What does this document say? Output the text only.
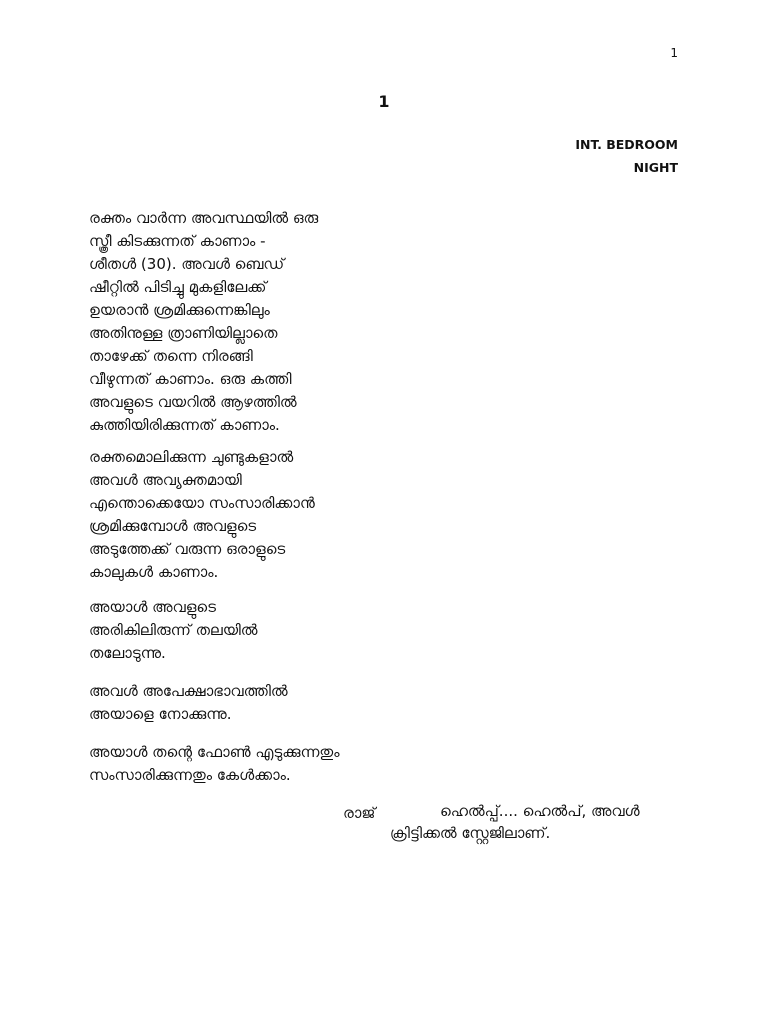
1
1
INT. BEDROOM
NIGHT
രക്തം വാർന്ന അവസ്ഥയിൽ ഒരു
സ്ത്രീ കിടക്കുന്നത് കാണാം -
ശീതൾ (30). അവൾ ബെഡ്
ഷീറ്റിൽ പിടിച്ചു മുകളിലേക്ക്
ഉയരാൻ ശ്രമിക്കുന്നെങ്കിലും
അതിനുള്ള ത്രാണിയില്ലാതെ
താഴേക്ക് തന്നെ നിരങ്ങി
വീഴുന്നത് കാണാം. ഒരു കത്തി
അവളുടെ വയറിൽ ആഴത്തിൽ
കുത്തിയിരിക്കുന്നത് കാണാം.
രക്തമൊലിക്കുന്ന ചുണ്ടുകളാൽ
അവൾ അവ്യക്തമായി
എന്തൊക്കെയോ സംസാരിക്കാൻ
ശ്രമിക്കുമ്പോൾ അവളുടെ
അടുത്തേക്ക് വരുന്ന ഒരാളുടെ
കാലുകൾ കാണാം.
അയാൾ അവളുടെ
അരികിലിരുന്ന് തലയിൽ
തലോടുന്നു.
അവൾ അപേക്ഷാഭാവത്തിൽ
അയാളെ നോക്കുന്നു.
അയാൾ തന്റെ ഫോൺ എടുക്കുന്നതും
സംസാരിക്കുന്നതും കേൾക്കാം.
രാജ്	ഹെൽപ്പ്.... ഹെൽപ്, അവൾ
ക്രിട്ടിക്കൽ സ്റ്റേജിലാണ്.
